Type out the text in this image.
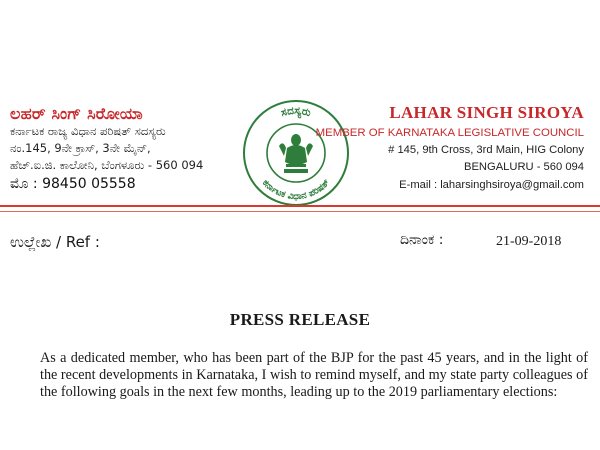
ಲಹರ್ ಸಿಂಗ್ ಸಿರೋಯಾ
ಕರ್ನಾಟಕ ರಾಜ್ಯ ವಿಧಾನ ಪರಿಷತ್ ಸದಸ್ಯರು
ನಂ.145, 9ನೇ ಕ್ರಾಸ್, 3ನೇ ಮೈನ್,
ಹೆಚ್.ಐ.ಜಿ. ಕಾಲೋನಿ, ಬೆಂಗಳೂರು - 560 094
ಮೊ : 98450 05558
ಸದಸ್ಯರು
ಕರ್ನಾಟಕ ವಿಧಾನ ಪರಿಷತ್
LAHAR SINGH SIROYA
MEMBER OF KARNATAKA LEGISLATIVE COUNCIL
# 145, 9th Cross, 3rd Main, HIG Colony
BENGALURU - 560 094
E-mail : laharsinghsiroya@gmail.com
ಉಲ್ಲೇಖ / Ref :	ದಿನಾಂಕ :	21-09-2018
PRESS RELEASE
As a dedicated member, who has been part of the BJP for the past 45 years, and in the light of the recent developments in Karnataka, I wish to remind myself, and my state party colleagues of the following goals in the next few months, leading up to the 2019 parliamentary elections:
